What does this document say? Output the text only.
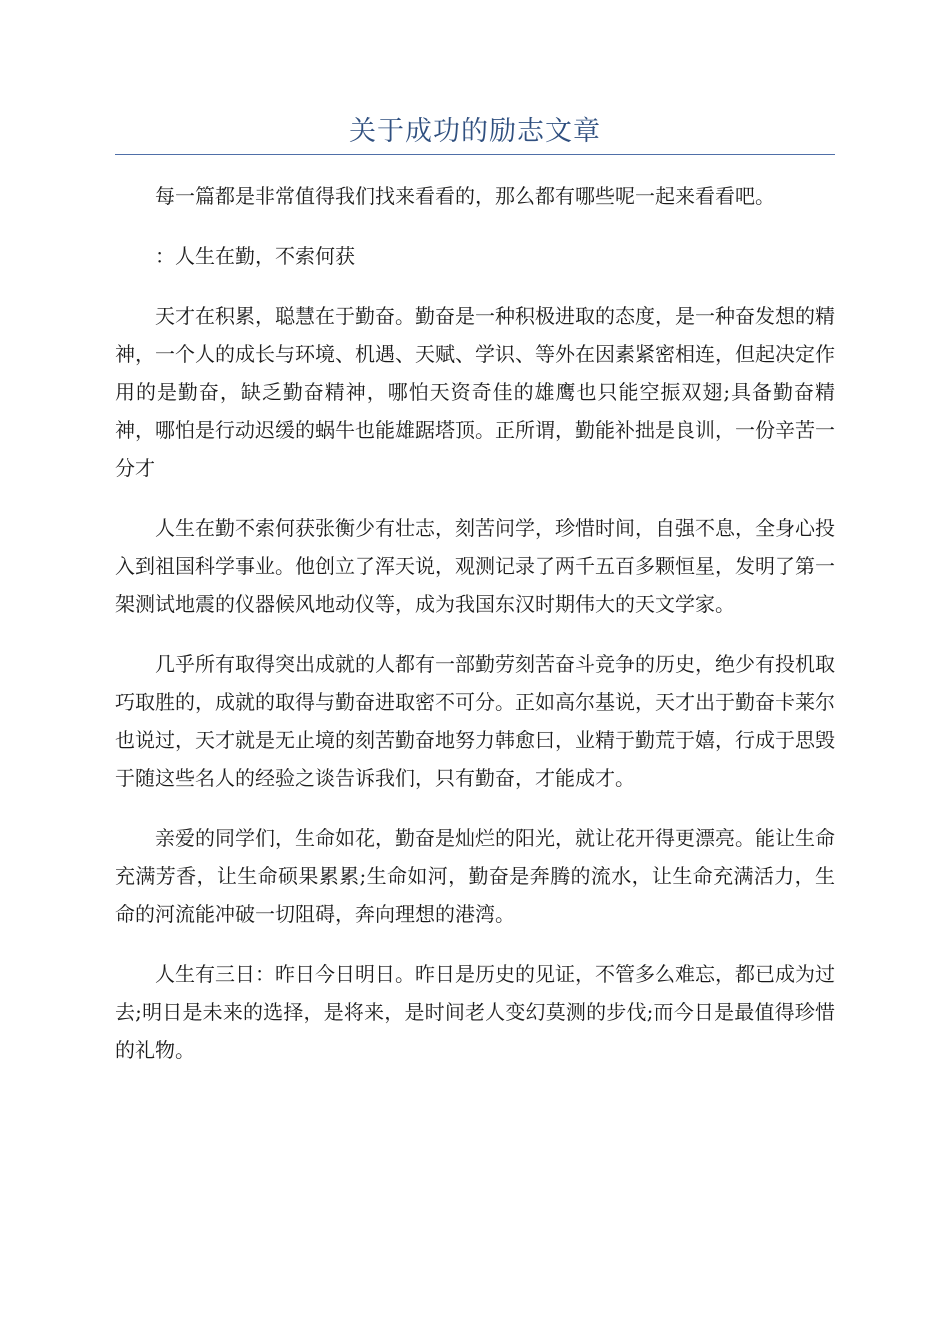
关于成功的励志文章

每一篇都是非常值得我们找来看看的，那么都有哪些呢一起来看看吧。

：人生在勤，不索何获

天才在积累，聪慧在于勤奋。勤奋是一种积极进取的态度，是一种奋发想的精神，一个人的成长与环境、机遇、天赋、学识、等外在因素紧密相连，但起决定作用的是勤奋，缺乏勤奋精神，哪怕天资奇佳的雄鹰也只能空振双翅;具备勤奋精神，哪怕是行动迟缓的蜗牛也能雄踞塔顶。正所谓，勤能补拙是良训，一份辛苦一分才

人生在勤不索何获张衡少有壮志，刻苦问学，珍惜时间，自强不息，全身心投入到祖国科学事业。他创立了浑天说，观测记录了两千五百多颗恒星，发明了第一架测试地震的仪器候风地动仪等，成为我国东汉时期伟大的天文学家。

几乎所有取得突出成就的人都有一部勤劳刻苦奋斗竞争的历史，绝少有投机取巧取胜的，成就的取得与勤奋进取密不可分。正如高尔基说，天才出于勤奋卡莱尔也说过，天才就是无止境的刻苦勤奋地努力韩愈曰，业精于勤荒于嬉，行成于思毁于随这些名人的经验之谈告诉我们，只有勤奋，才能成才。

亲爱的同学们，生命如花，勤奋是灿烂的阳光，就让花开得更漂亮。能让生命充满芳香，让生命硕果累累;生命如河，勤奋是奔腾的流水，让生命充满活力，生命的河流能冲破一切阻碍，奔向理想的港湾。

人生有三日：昨日今日明日。昨日是历史的见证，不管多么难忘，都已成为过去;明日是未来的选择，是将来，是时间老人变幻莫测的步伐;而今日是最值得珍惜的礼物。
